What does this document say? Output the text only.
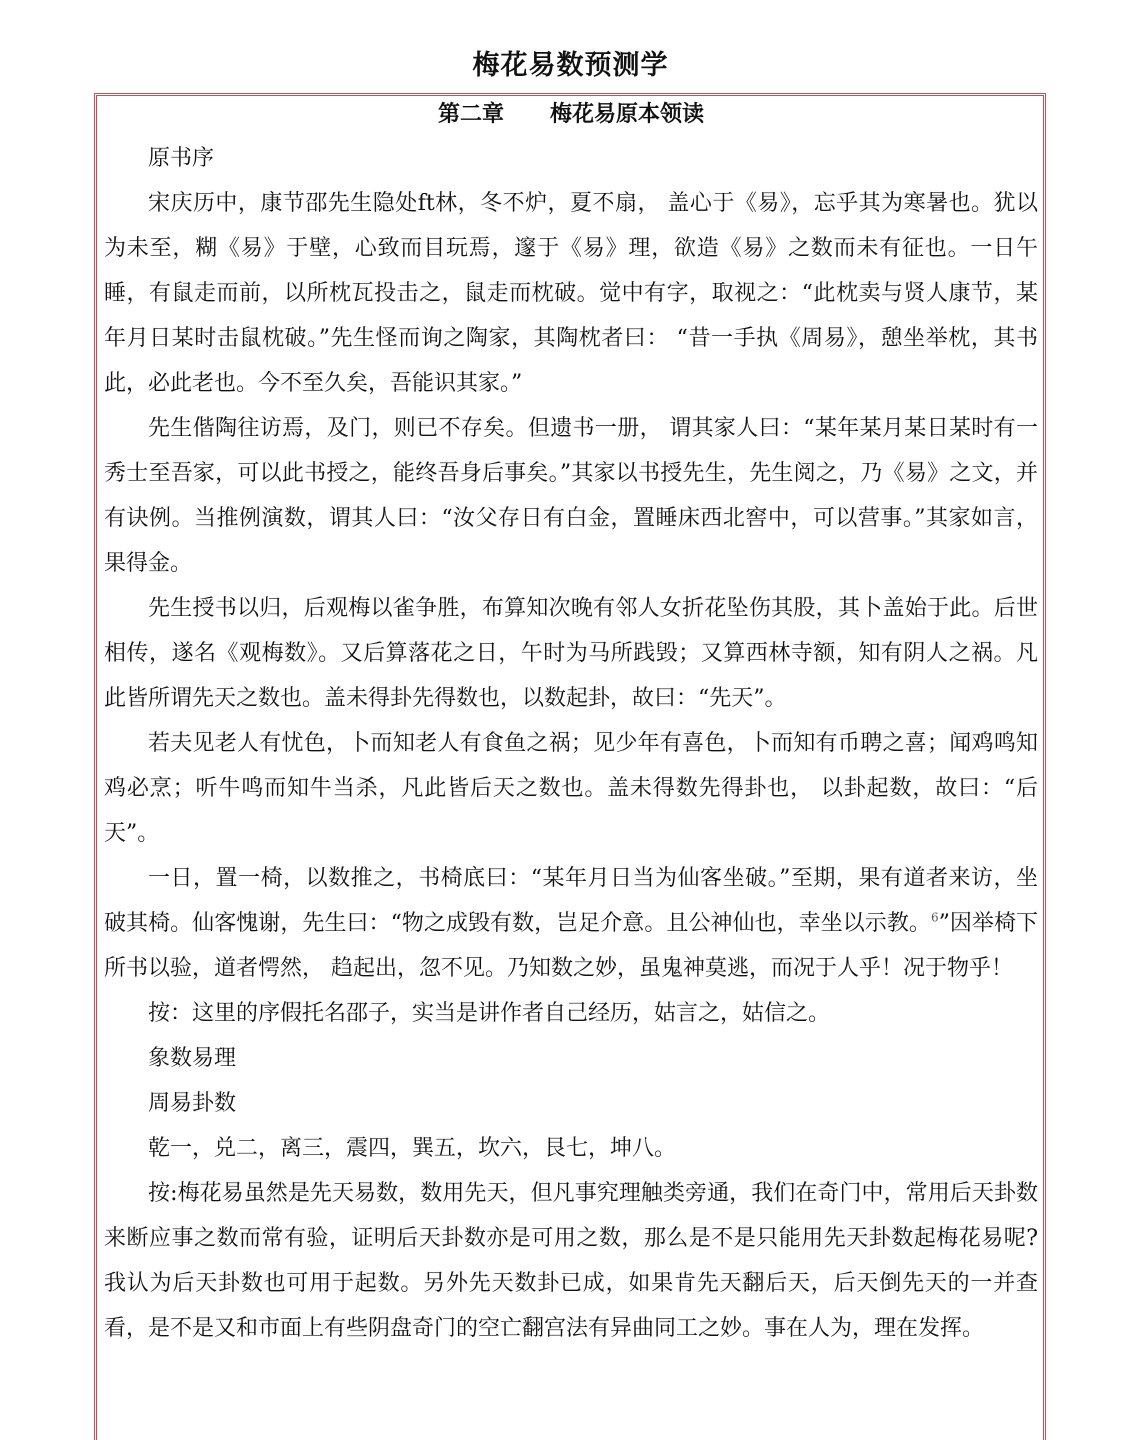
梅花易数预测学
第二章 梅花易原本领读

原书序

宋庆历中，康节邵先生隐处ft林，冬不炉，夏不扇， 盖心于《易》，忘乎其为寒暑也。犹以为未至，糊《易》于壁，心致而目玩焉，邃于《易》理，欲造《易》之数而未有征也。一日午睡，有鼠走而前，以所枕瓦投击之，鼠走而枕破。觉中有字，取视之：“此枕卖与贤人康节，某年月日某时击鼠枕破。”先生怪而询之陶家，其陶枕者曰： “昔一手执《周易》，憩坐举枕，其书此，必此老也。今不至久矣，吾能识其家。”

先生偕陶往访焉，及门，则已不存矣。但遗书一册， 谓其家人曰：“某年某月某日某时有一秀士至吾家，可以此书授之，能终吾身后事矣。”其家以书授先生，先生阅之，乃《易》之文，并有诀例。当推例演数，谓其人曰：“汝父存日有白金，置睡床西北窖中，可以营事。”其家如言，果得金。

先生授书以归，后观梅以雀争胜，布算知次晚有邻人女折花坠伤其股，其卜盖始于此。后世相传，遂名《观梅数》。又后算落花之日，午时为马所践毁；又算西林寺额，知有阴人之祸。凡此皆所谓先天之数也。盖未得卦先得数也，以数起卦，故曰：“先天”。

若夫见老人有忧色，卜而知老人有食鱼之祸；见少年有喜色，卜而知有币聘之喜；闻鸡鸣知鸡必烹；听牛鸣而知牛当杀，凡此皆后天之数也。盖未得数先得卦也， 以卦起数，故曰：“后天”。

一日，置一椅，以数推之，书椅底曰：“某年月日当为仙客坐破。”至期，果有道者来访，坐破其椅。仙客愧谢，先生曰：“物之成毁有数，岂足介意。且公神仙也，幸坐以示教。$^6$”因举椅下所书以验，道者愕然， 趋起出，忽不见。乃知数之妙，虽鬼神莫逃，而况于人乎！况于物乎！

按：这里的序假托名邵子，实当是讲作者自己经历，姑言之，姑信之。

象数易理

周易卦数

乾一，兑二，离三，震四，巽五，坎六，艮七，坤八。

按:梅花易虽然是先天易数，数用先天，但凡事究理触类旁通，我们在奇门中，常用后天卦数来断应事之数而常有验，证明后天卦数亦是可用之数，那么是不是只能用先天卦数起梅花易呢?我认为后天卦数也可用于起数。另外先天数卦已成，如果肯先天翻后天，后天倒先天的一并查看，是不是又和市面上有些阴盘奇门的空亡翻宫法有异曲同工之妙。事在人为，理在发挥。
